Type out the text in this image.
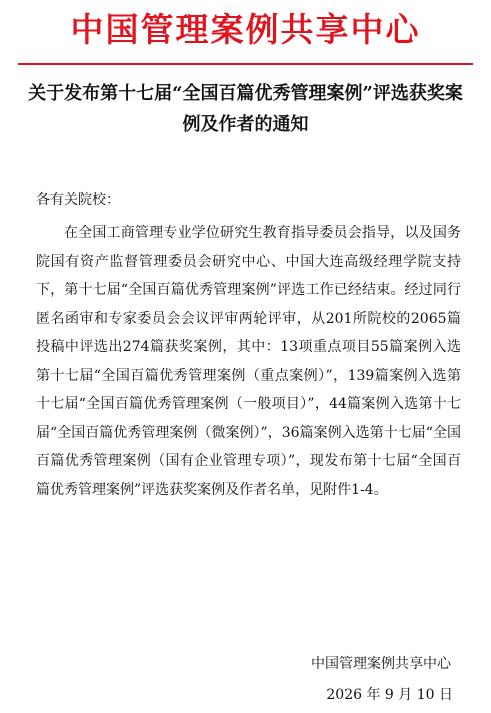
中国管理案例共享中心
关于发布第十七届“全国百篇优秀管理案例”评选获奖案例及作者的通知
各有关院校：
在全国工商管理专业学位研究生教育指导委员会指导，以及国务院国有资产监督管理委员会研究中心、中国大连高级经理学院支持下，第十七届“全国百篇优秀管理案例”评选工作已经结束。经过同行匿名函审和专家委员会会议评审两轮评审，从201所院校的2065篇投稿中评选出274篇获奖案例，其中：13项重点项目55篇案例入选第十七届“全国百篇优秀管理案例（重点案例）”，139篇案例入选第十七届“全国百篇优秀管理案例（一般项目）”，44篇案例入选第十七届“全国百篇优秀管理案例（微案例）”，36篇案例入选第十七届“全国百篇优秀管理案例（国有企业管理专项）”，现发布第十七届“全国百篇优秀管理案例”评选获奖案例及作者名单，见附件1-4。
中国管理案例共享中心
2026 年 9 月 10 日
